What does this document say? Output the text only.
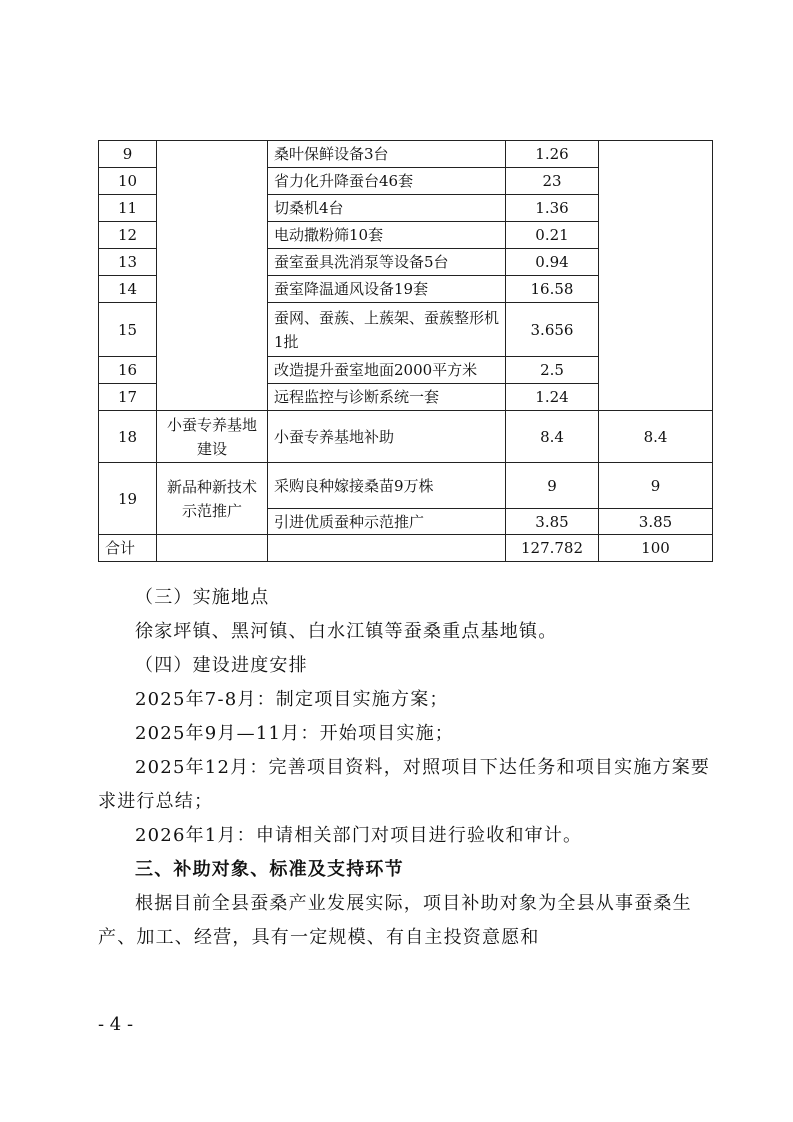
9		桑叶保鲜设备3台	1.26	
10		省力化升降蚕台46套	23	
11		切桑机4台	1.36	
12		电动撒粉筛10套	0.21	
13		蚕室蚕具洗消泵等设备5台	0.94	
14		蚕室降温通风设备19套	16.58	
15		蚕网、蚕蔟、上蔟架、蚕蔟整形机1批	3.656	
16		改造提升蚕室地面2000平方米	2.5	
17		远程监控与诊断系统一套	1.24	
18	小蚕专养基地建设	小蚕专养基地补助	8.4	8.4
19	新品种新技术示范推广	采购良种嫁接桑苗9万株	9	9
		引进优质蚕种示范推广	3.85	3.85
合计			127.782	100
（三）实施地点
徐家坪镇、黑河镇、白水江镇等蚕桑重点基地镇。
（四）建设进度安排
2025年7-8月：制定项目实施方案；
2025年9月—11月：开始项目实施；
2025年12月：完善项目资料，对照项目下达任务和项目实施方案要求进行总结；
2026年1月：申请相关部门对项目进行验收和审计。
三、补助对象、标准及支持环节
根据目前全县蚕桑产业发展实际，项目补助对象为全县从事蚕桑生产、加工、经营，具有一定规模、有自主投资意愿和
- 4 -
